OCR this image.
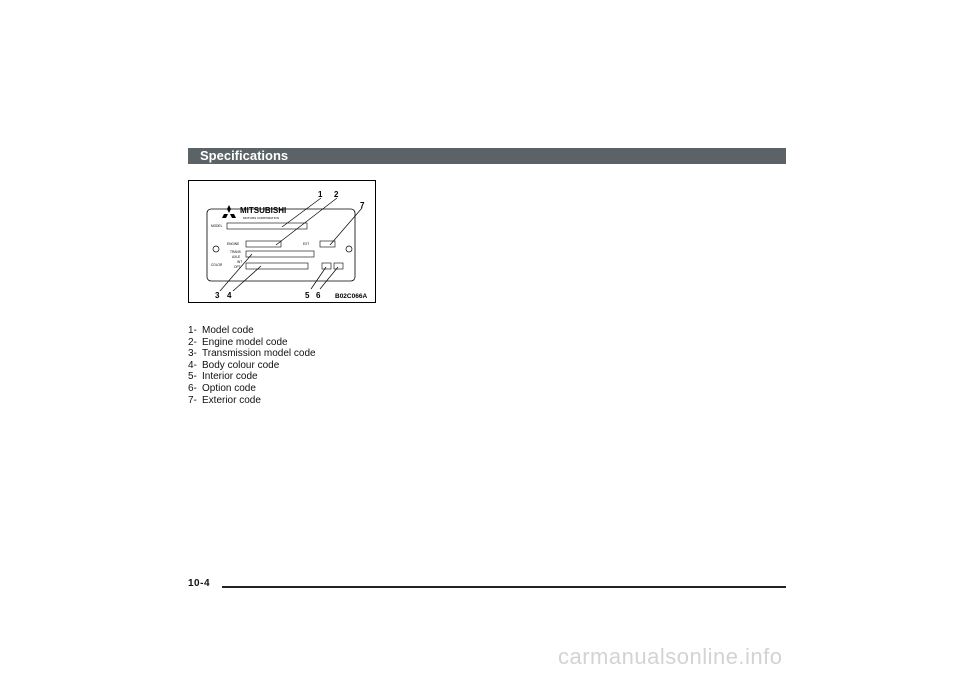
Specifications
MITSUBISHI
MOTORS CORPORATION
MODEL
ENGINE	EXT
TRANS
AXLE
COLOR
INT
OPT
1 2
3 4	5 6
7
B02C066A
1- Model code
2- Engine model code
3- Transmission model code
4- Body colour code
5- Interior code
6- Option code
7- Exterior code
10-4
carmanualsonline.info
